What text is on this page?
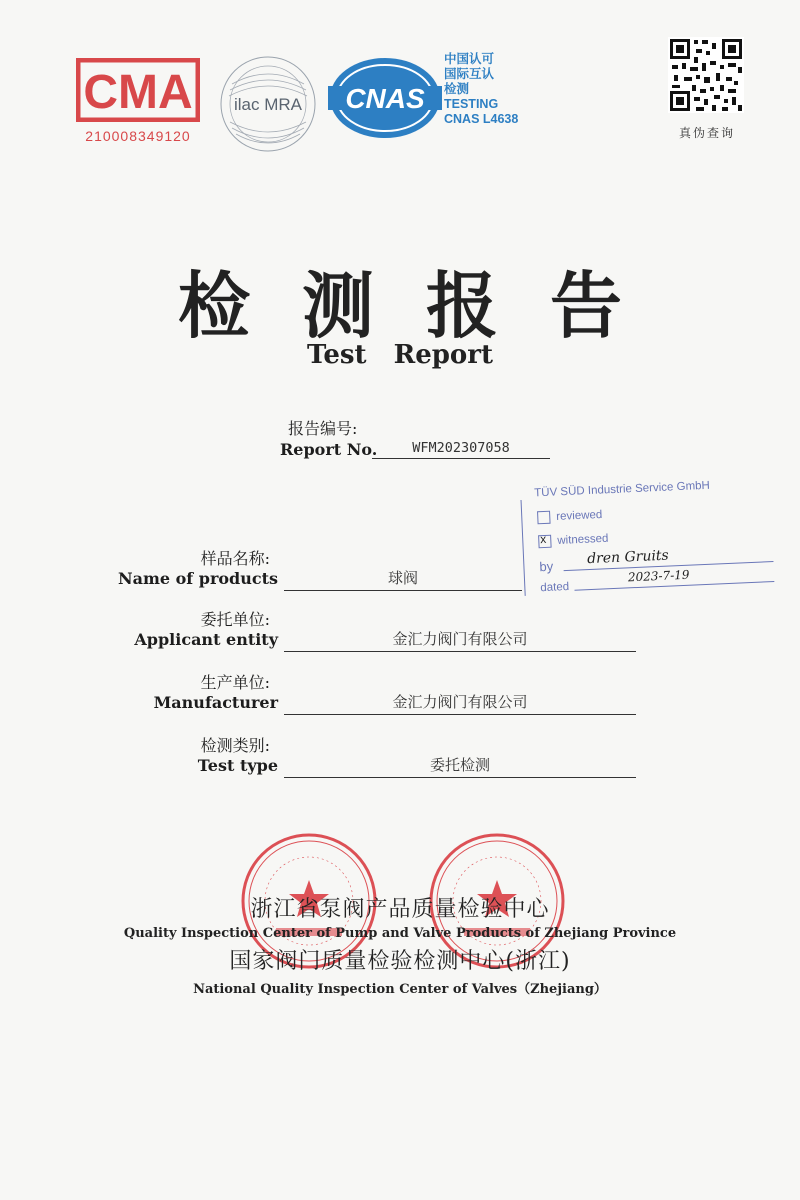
CMA
210008349120
ilac MRA CNAS
中国认可
国际互认
检测
TESTING
CNAS L4638
真伪查询
检测报告
Test Report
报告编号:
Report No.	WFM202307058
样品名称:
Name of products	球阀
委托单位:
Applicant entity	金汇力阀门有限公司
生产单位:
Manufacturer	金汇力阀门有限公司
检测类别:
Test type	委托检测
TÜV SÜD Industrie Service GmbH
reviewed
xwitnessed
by dren Gruits
dated
2023-7-19
浙江省泵阀产品质量检验中心
Quality Inspection Center of Pump and Valve Products of Zhejiang Province
国家阀门质量检验检测中心(浙江)
National Quality Inspection Center of Valves（Zhejiang）
